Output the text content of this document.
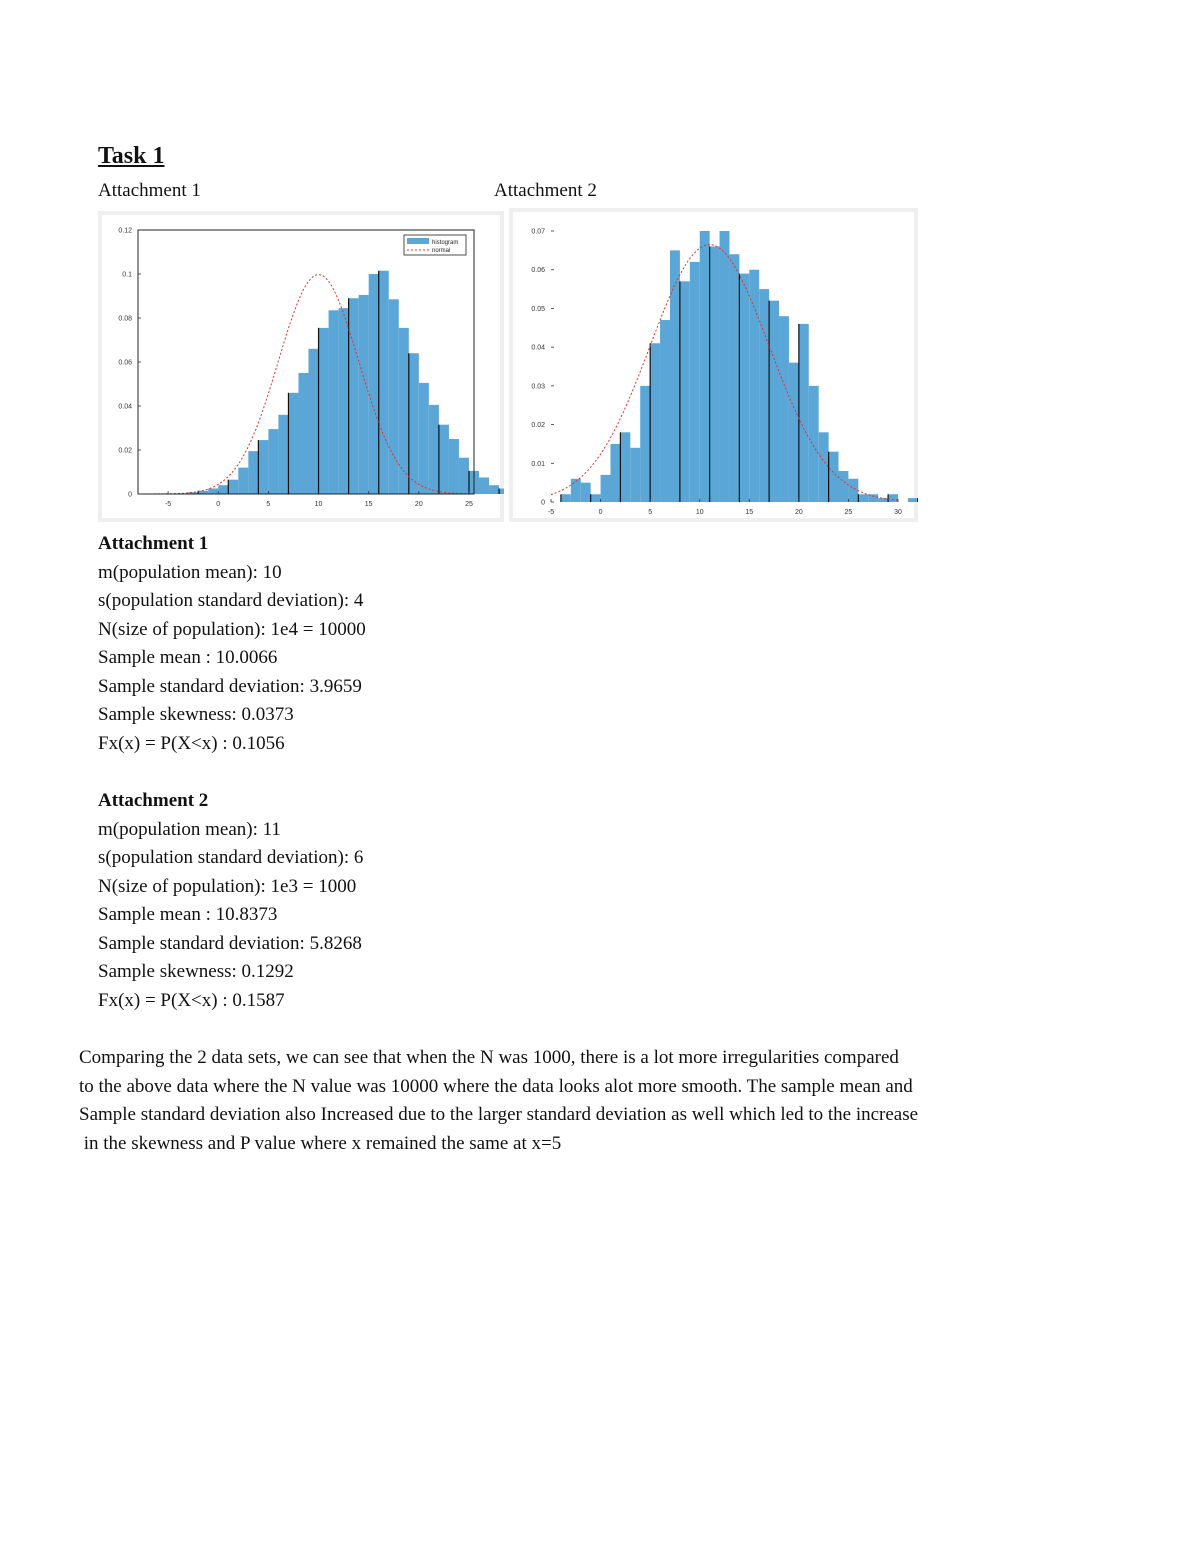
Task 1
Attachment 1	Attachment 2
-5	0	5	10	15	20	25
0
0.02
0.04
0.06
0.08
0.1
0.12
histogram
normal
-5	0	5	10	15	20	25	30
0
0.01
0.02
0.03
0.04
0.05
0.06
0.07
Attachment 1
m(population mean): 10
s(population standard deviation): 4
N(size of population): 1e4 = 10000
Sample mean : 10.0066
Sample standard deviation: 3.9659
Sample skewness: 0.0373
Fx(x) = P(X<x) : 0.1056
Attachment 2
m(population mean): 11
s(population standard deviation): 6
N(size of population): 1e3 = 1000
Sample mean : 10.8373
Sample standard deviation: 5.8268
Sample skewness: 0.1292
Fx(x) = P(X<x) : 0.1587
Comparing the 2 data sets, we can see that when the N was 1000, there is a lot more irregularities compared
to the above data where the N value was 10000 where the data looks alot more smooth. The sample mean and
Sample standard deviation also Increased due to the larger standard deviation as well which led to the increase
in the skewness and P value where x remained the same at x=5
